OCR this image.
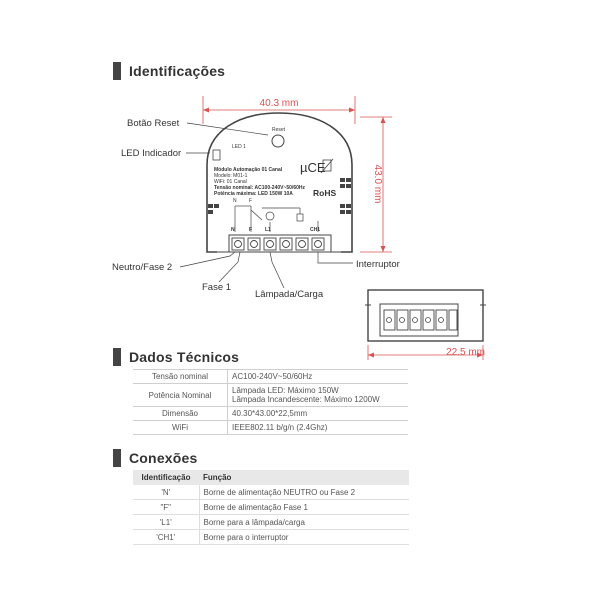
Identificações
40.3 mm
43.0 mm
Reset
LED 1
Módulo Automação 01 Canal
Modelo: M01-1
WiFi: 01 Canal
Tensão nominal: AC100-240V~50/60Hz
Potência máxima: LED 150W 10A
µCE
RoHS
N F
N	F	L1	CH1
Botão Reset
LED Indicador
Neutro/Fase 2
Fase 1
Lâmpada/Carga
Interruptor
22.5 mm
Dados Técnicos
Tensão nominal	AC100-240V~50/60Hz
Potência Nominal	Lâmpada LED: Máximo 150W
Lâmpada Incandescente: Máximo 1200W

Dimensão	40.30*43.00*22,5mm
WiFi	IEEE802.11 b/g/n (2.4Ghz)
Conexões
Identificação	Função
'N'	Borne de alimentação NEUTRO ou Fase 2
"F"	Borne de alimentação Fase 1
'L1'	Borne para a lâmpada/carga
'CH1'	Borne para o interruptor
